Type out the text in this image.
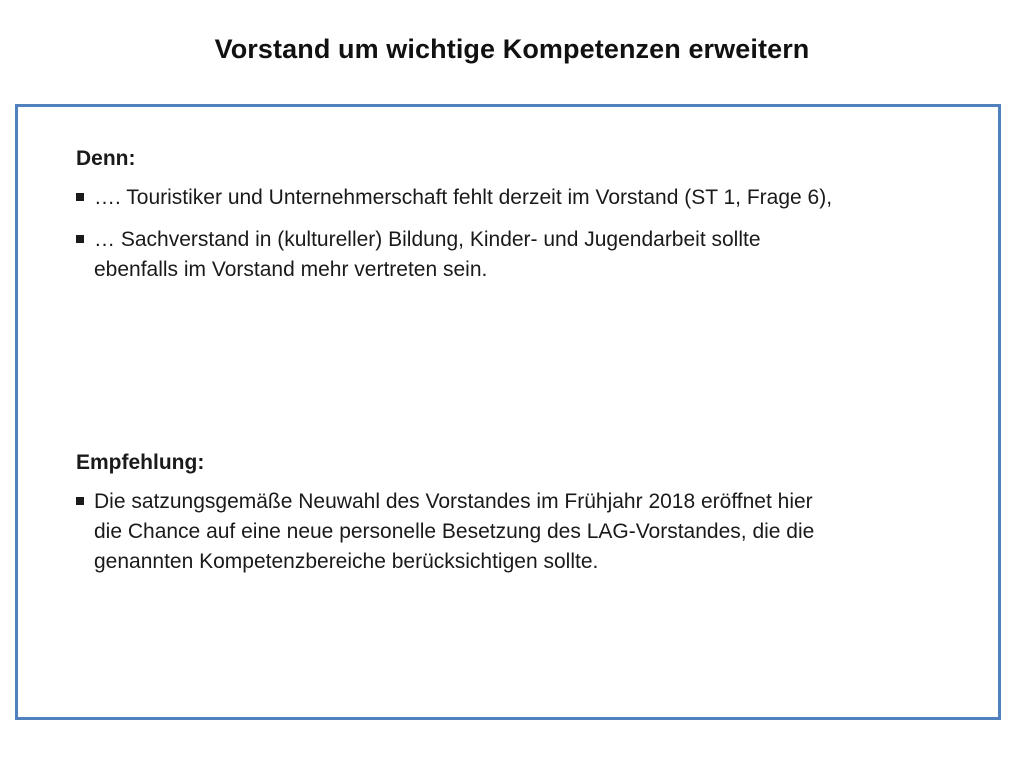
Vorstand um wichtige Kompetenzen erweitern
Denn:
…. Touristiker und Unternehmerschaft fehlt derzeit im Vorstand (ST 1, Frage 6),
… Sachverstand in (kultureller) Bildung, Kinder- und Jugendarbeit sollte ebenfalls im Vorstand mehr vertreten sein.
Empfehlung:
Die satzungsgemäße Neuwahl des Vorstandes im Frühjahr 2018 eröffnet hier die Chance auf eine neue personelle Besetzung des LAG-Vorstandes, die die genannten Kompetenzbereiche berücksichtigen sollte.
